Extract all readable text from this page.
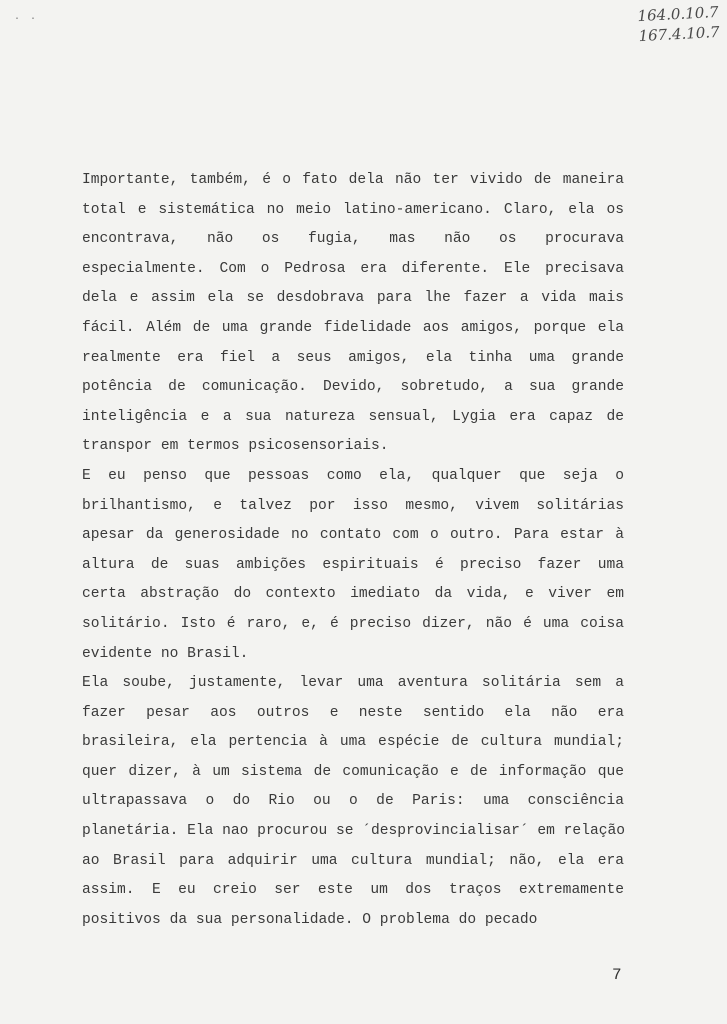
· ·	164.0.10.7
167.4.10.7
Importante, também, é o fato dela não ter vivido de maneira
total e sistemática no meio latino-americano. Claro, ela os
encontrava, não os fugia, mas não os procurava
especialmente. Com o Pedrosa era diferente. Ele precisava
dela e assim ela se desdobrava para lhe fazer a vida mais
fácil. Além de uma grande fidelidade aos amigos, porque ela
realmente era fiel a seus amigos, ela tinha uma grande
potência de comunicação. Devido, sobretudo, a sua grande
inteligência e a sua natureza sensual, Lygia era capaz de
transpor em termos psicosensoriais.
E eu penso que pessoas como ela, qualquer que seja o
brilhantismo, e talvez por isso mesmo, vivem solitárias
apesar da generosidade no contato com o outro. Para estar à
altura de suas ambições espirituais é preciso fazer uma
certa abstração do contexto imediato da vida, e viver em
solitário. Isto é raro, e, é preciso dizer, não é uma coisa
evidente no Brasil.
Ela soube, justamente, levar uma aventura solitária sem a
fazer pesar aos outros e neste sentido ela não era
brasileira, ela pertencia à uma espécie de cultura mundial;
quer dizer, à um sistema de comunicação e de informação que
ultrapassava o do Rio ou o de Paris: uma consciência
planetária. Ela nao procurou se ´desprovincialisar´ em relação
ao Brasil para adquirir uma cultura mundial; não, ela era
assim. E eu creio ser este um dos traços extremamente
positivos da sua personalidade. O problema do pecado
7
